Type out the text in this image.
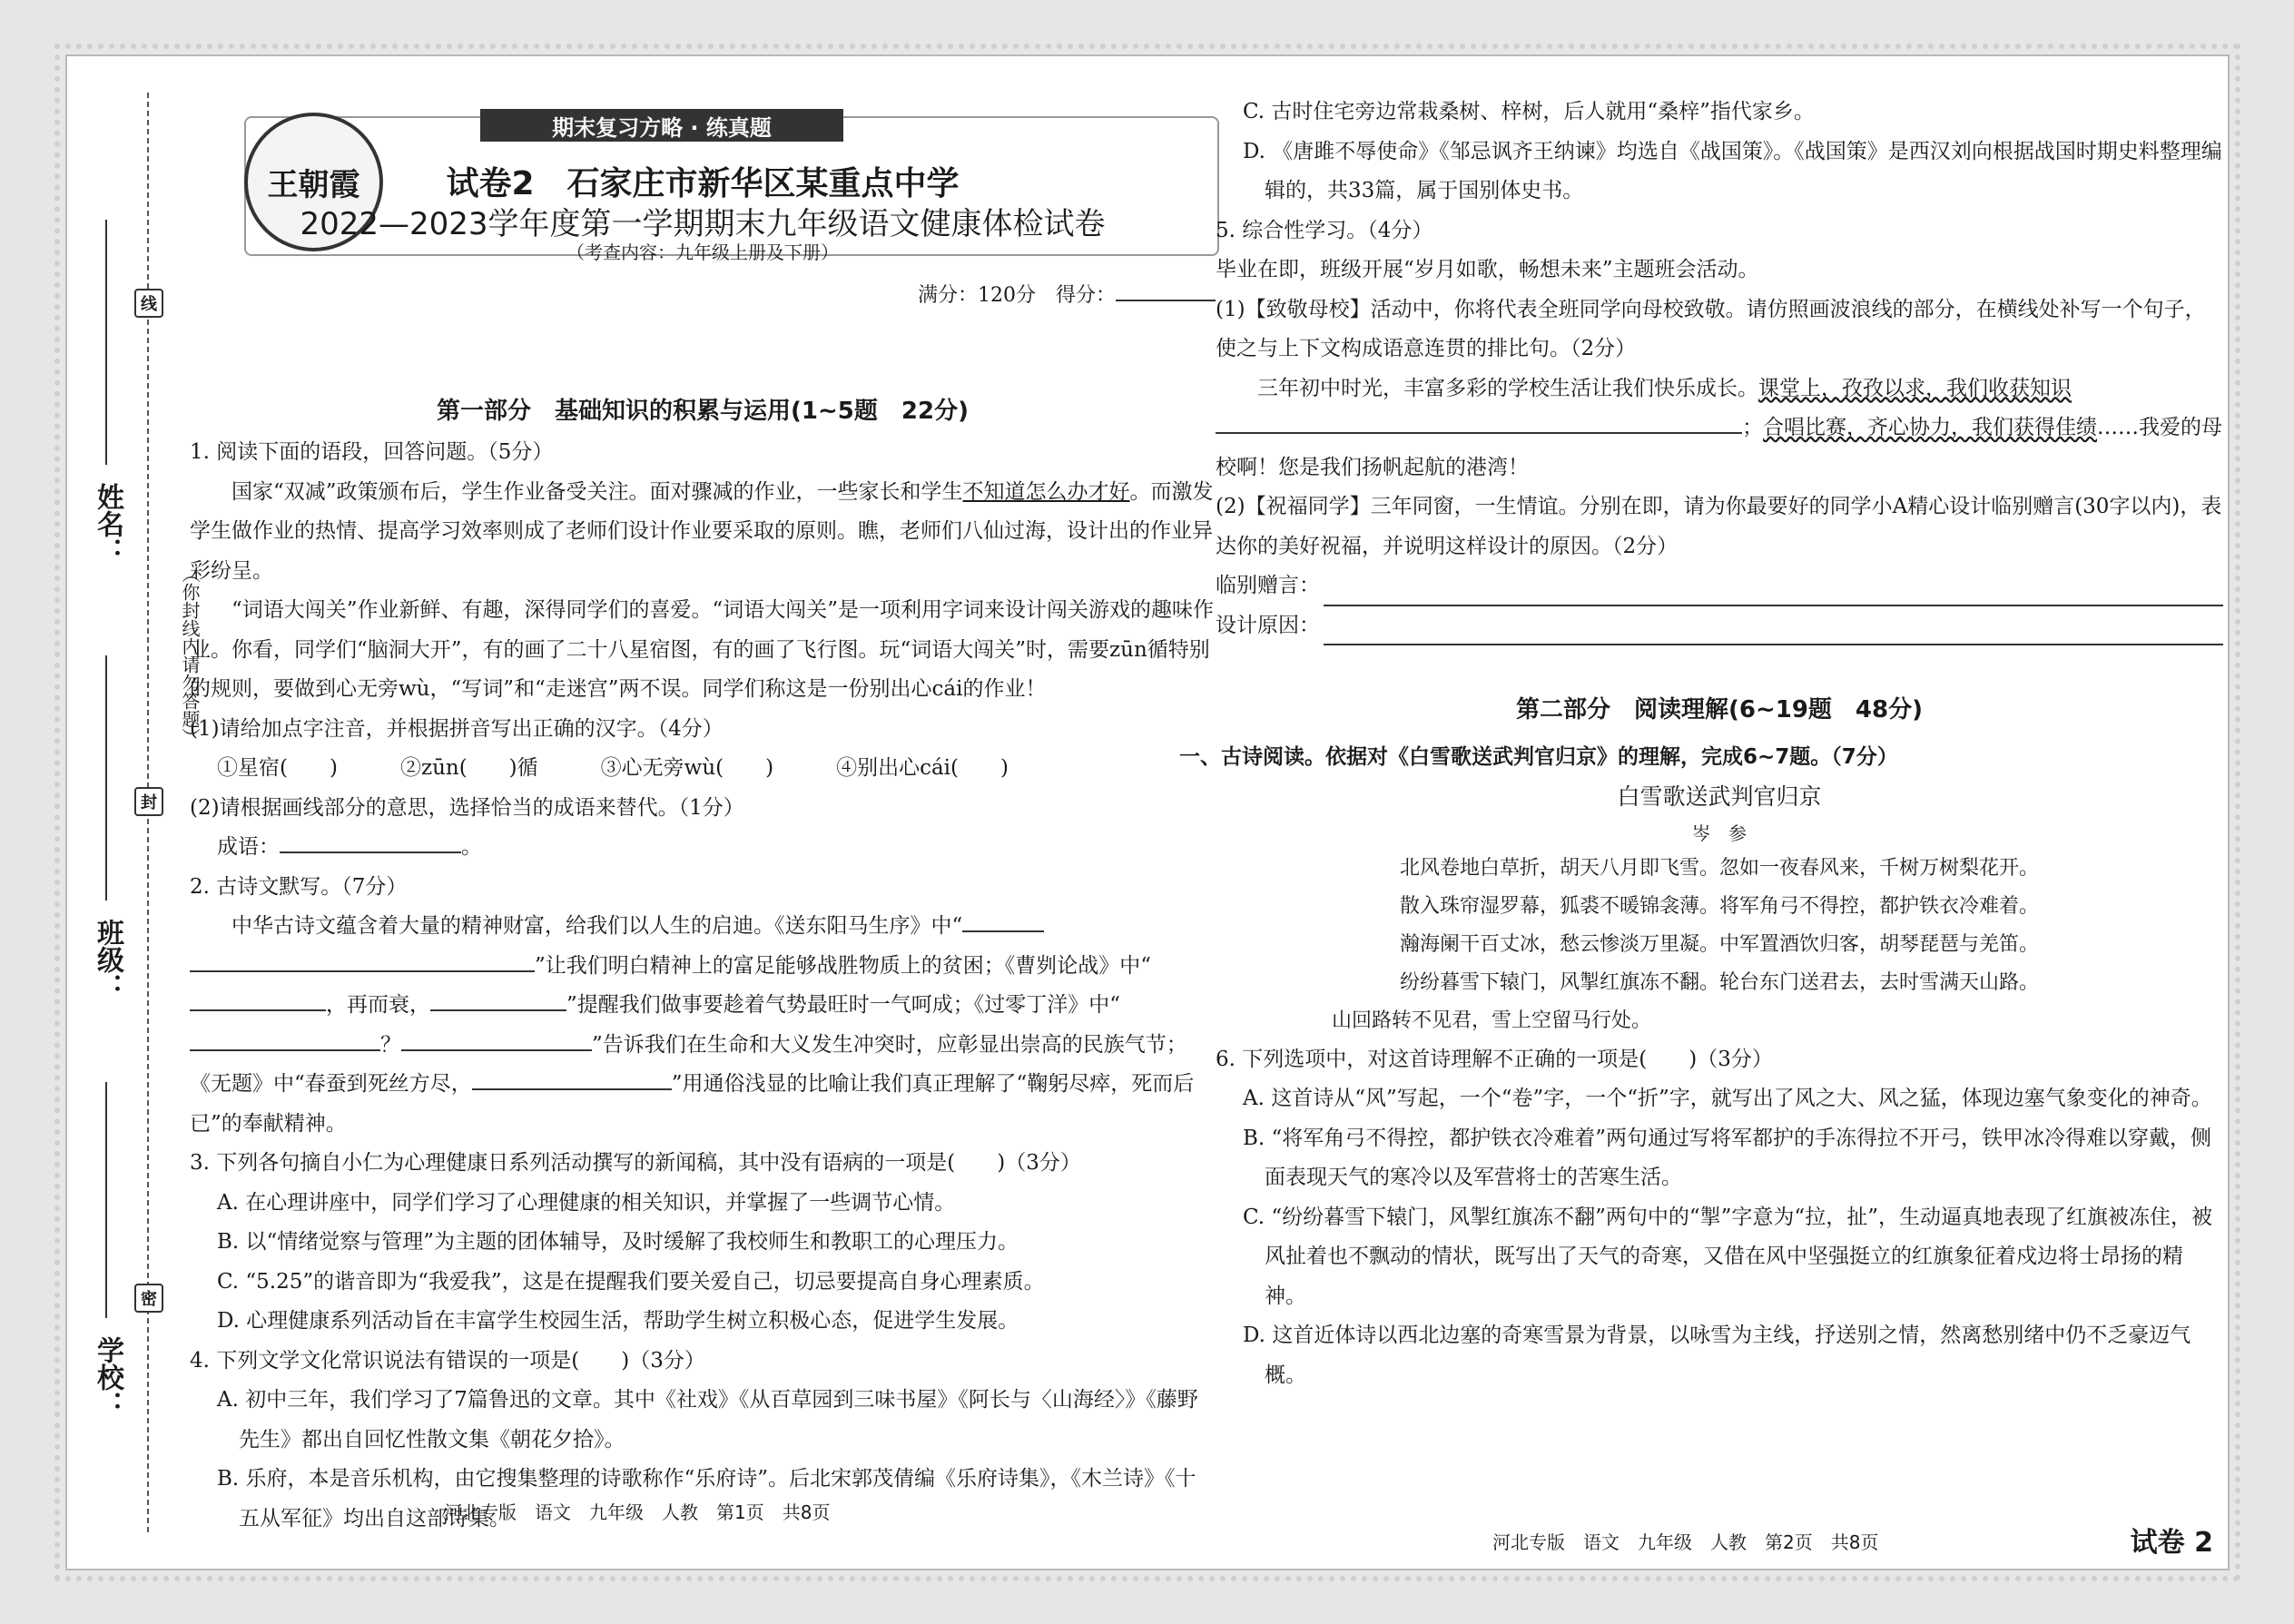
姓名：
班级：
学校：
线
封
密
（你封线内请勿答题）
王朝霞
期末复习方略 · 练真题
试卷2　石家庄市新华区某重点中学
2022—2023学年度第一学期期末九年级语文健康体检试卷
（考查内容：九年级上册及下册）
满分：120分　得分：
第一部分　基础知识的积累与运用(1~5题　22分)

1. 阅读下面的语段，回答问题。（5分）

国家“双减”政策颁布后，学生作业备受关注。面对骤减的作业，一些家长和学生不知道怎么办才好。而激发学生做作业的热情、提高学习效率则成了老师们设计作业要采取的原则。瞧，老师们八仙过海，设计出的作业异彩纷呈。

“词语大闯关”作业新鲜、有趣，深得同学们的喜爱。“词语大闯关”是一项利用字词来设计闯关游戏的趣味作业。你看，同学们“脑洞大开”，有的画了二十八星宿图，有的画了飞行图。玩“词语大闯关”时，需要zūn循特别的规则，要做到心无旁wù，“写词”和“走迷宫”两不误。同学们称这是一份别出心cái的作业！

(1)请给加点字注音，并根据拼音写出正确的汉字。（4分）

①星宿(　　)　　　②zūn(　　)循　　　③心无旁wù(　　)　　　④别出心cái(　　)

(2)请根据画线部分的意思，选择恰当的成语来替代。（1分）

成语：	。

2. 古诗文默写。（7分）

中华古诗文蕴含着大量的精神财富，给我们以人生的启迪。《送东阳马生序》中“”让我们明白精神上的富足能够战胜物质上的贫困；《曹刿论战》中“，再而衰，	”提醒我们做事要趁着气势最旺时一气呵成；《过零丁洋》中“？	”告诉我们在生命和大义发生冲突时，应彰显出崇高的民族气节；《无题》中“春蚕到死丝方尽，	”用通俗浅显的比喻让我们真正理解了“鞠躬尽瘁，死而后已”的奉献精神。

3. 下列各句摘自小仁为心理健康日系列活动撰写的新闻稿，其中没有语病的一项是(　　)（3分）

A. 在心理讲座中，同学们学习了心理健康的相关知识，并掌握了一些调节心情。

B. 以“情绪觉察与管理”为主题的团体辅导，及时缓解了我校师生和教职工的心理压力。

C. “5.25”的谐音即为“我爱我”，这是在提醒我们要关爱自己，切忌要提高自身心理素质。

D. 心理健康系列活动旨在丰富学生校园生活，帮助学生树立积极心态，促进学生发展。

4. 下列文学文化常识说法有错误的一项是(　　)（3分）

A. 初中三年，我们学习了7篇鲁迅的文章。其中《社戏》《从百草园到三味书屋》《阿长与〈山海经〉》《藤野先生》都出自回忆性散文集《朝花夕拾》。

B. 乐府，本是音乐机构，由它搜集整理的诗歌称作“乐府诗”。后北宋郭茂倩编《乐府诗集》，《木兰诗》《十五从军征》均出自这部诗集。

河北专版　语文　九年级　人教　第1页　共8页

C. 古时住宅旁边常栽桑树、梓树，后人就用“桑梓”指代家乡。

D. 《唐雎不辱使命》《邹忌讽齐王纳谏》均选自《战国策》。《战国策》是西汉刘向根据战国时期史料整理编辑的，共33篇，属于国别体史书。

5. 综合性学习。（4分）

毕业在即，班级开展“岁月如歌，畅想未来”主题班会活动。

(1)【致敬母校】活动中，你将代表全班同学向母校致敬。请仿照画波浪线的部分，在横线处补写一个句子，使之与上下文构成语意连贯的排比句。（2分）

三年初中时光，丰富多彩的学校生活让我们快乐成长。课堂上，孜孜以求，我们收获知识；合唱比赛，齐心协力，我们获得佳绩……我爱的母校啊！您是我们扬帆起航的港湾！

(2)【祝福同学】三年同窗，一生情谊。分别在即，请为你最要好的同学小A精心设计临别赠言(30字以内)，表达你的美好祝福，并说明这样设计的原因。（2分）

临别赠言：
设计原因：
第二部分　阅读理解(6~19题　48分)

一、古诗阅读。依据对《白雪歌送武判官归京》的理解，完成6~7题。（7分）

白雪歌送武判官归京

岑　参

北风卷地白草折，胡天八月即飞雪。忽如一夜春风来，千树万树梨花开。
散入珠帘湿罗幕，狐裘不暖锦衾薄。将军角弓不得控，都护铁衣冷难着。
瀚海阑干百丈冰，愁云惨淡万里凝。中军置酒饮归客，胡琴琵琶与羌笛。
纷纷暮雪下辕门，风掣红旗冻不翻。轮台东门送君去，去时雪满天山路。
山回路转不见君，雪上空留马行处。

6. 下列选项中，对这首诗理解不正确的一项是(　　)（3分）

A. 这首诗从“风”写起，一个“卷”字，一个“折”字，就写出了风之大、风之猛，体现边塞气象变化的神奇。

B. “将军角弓不得控，都护铁衣冷难着”两句通过写将军都护的手冻得拉不开弓，铁甲冰冷得难以穿戴，侧面表现天气的寒冷以及军营将士的苦寒生活。

C. “纷纷暮雪下辕门，风掣红旗冻不翻”两句中的“掣”字意为“拉，扯”，生动逼真地表现了红旗被冻住，被风扯着也不飘动的情状，既写出了天气的奇寒，又借在风中坚强挺立的红旗象征着戍边将士昂扬的精神。

D. 这首近体诗以西北边塞的奇寒雪景为背景，以咏雪为主线，抒送别之情，然离愁别绪中仍不乏豪迈气概。

河北专版　语文　九年级　人教　第2页　共8页	试卷 2
